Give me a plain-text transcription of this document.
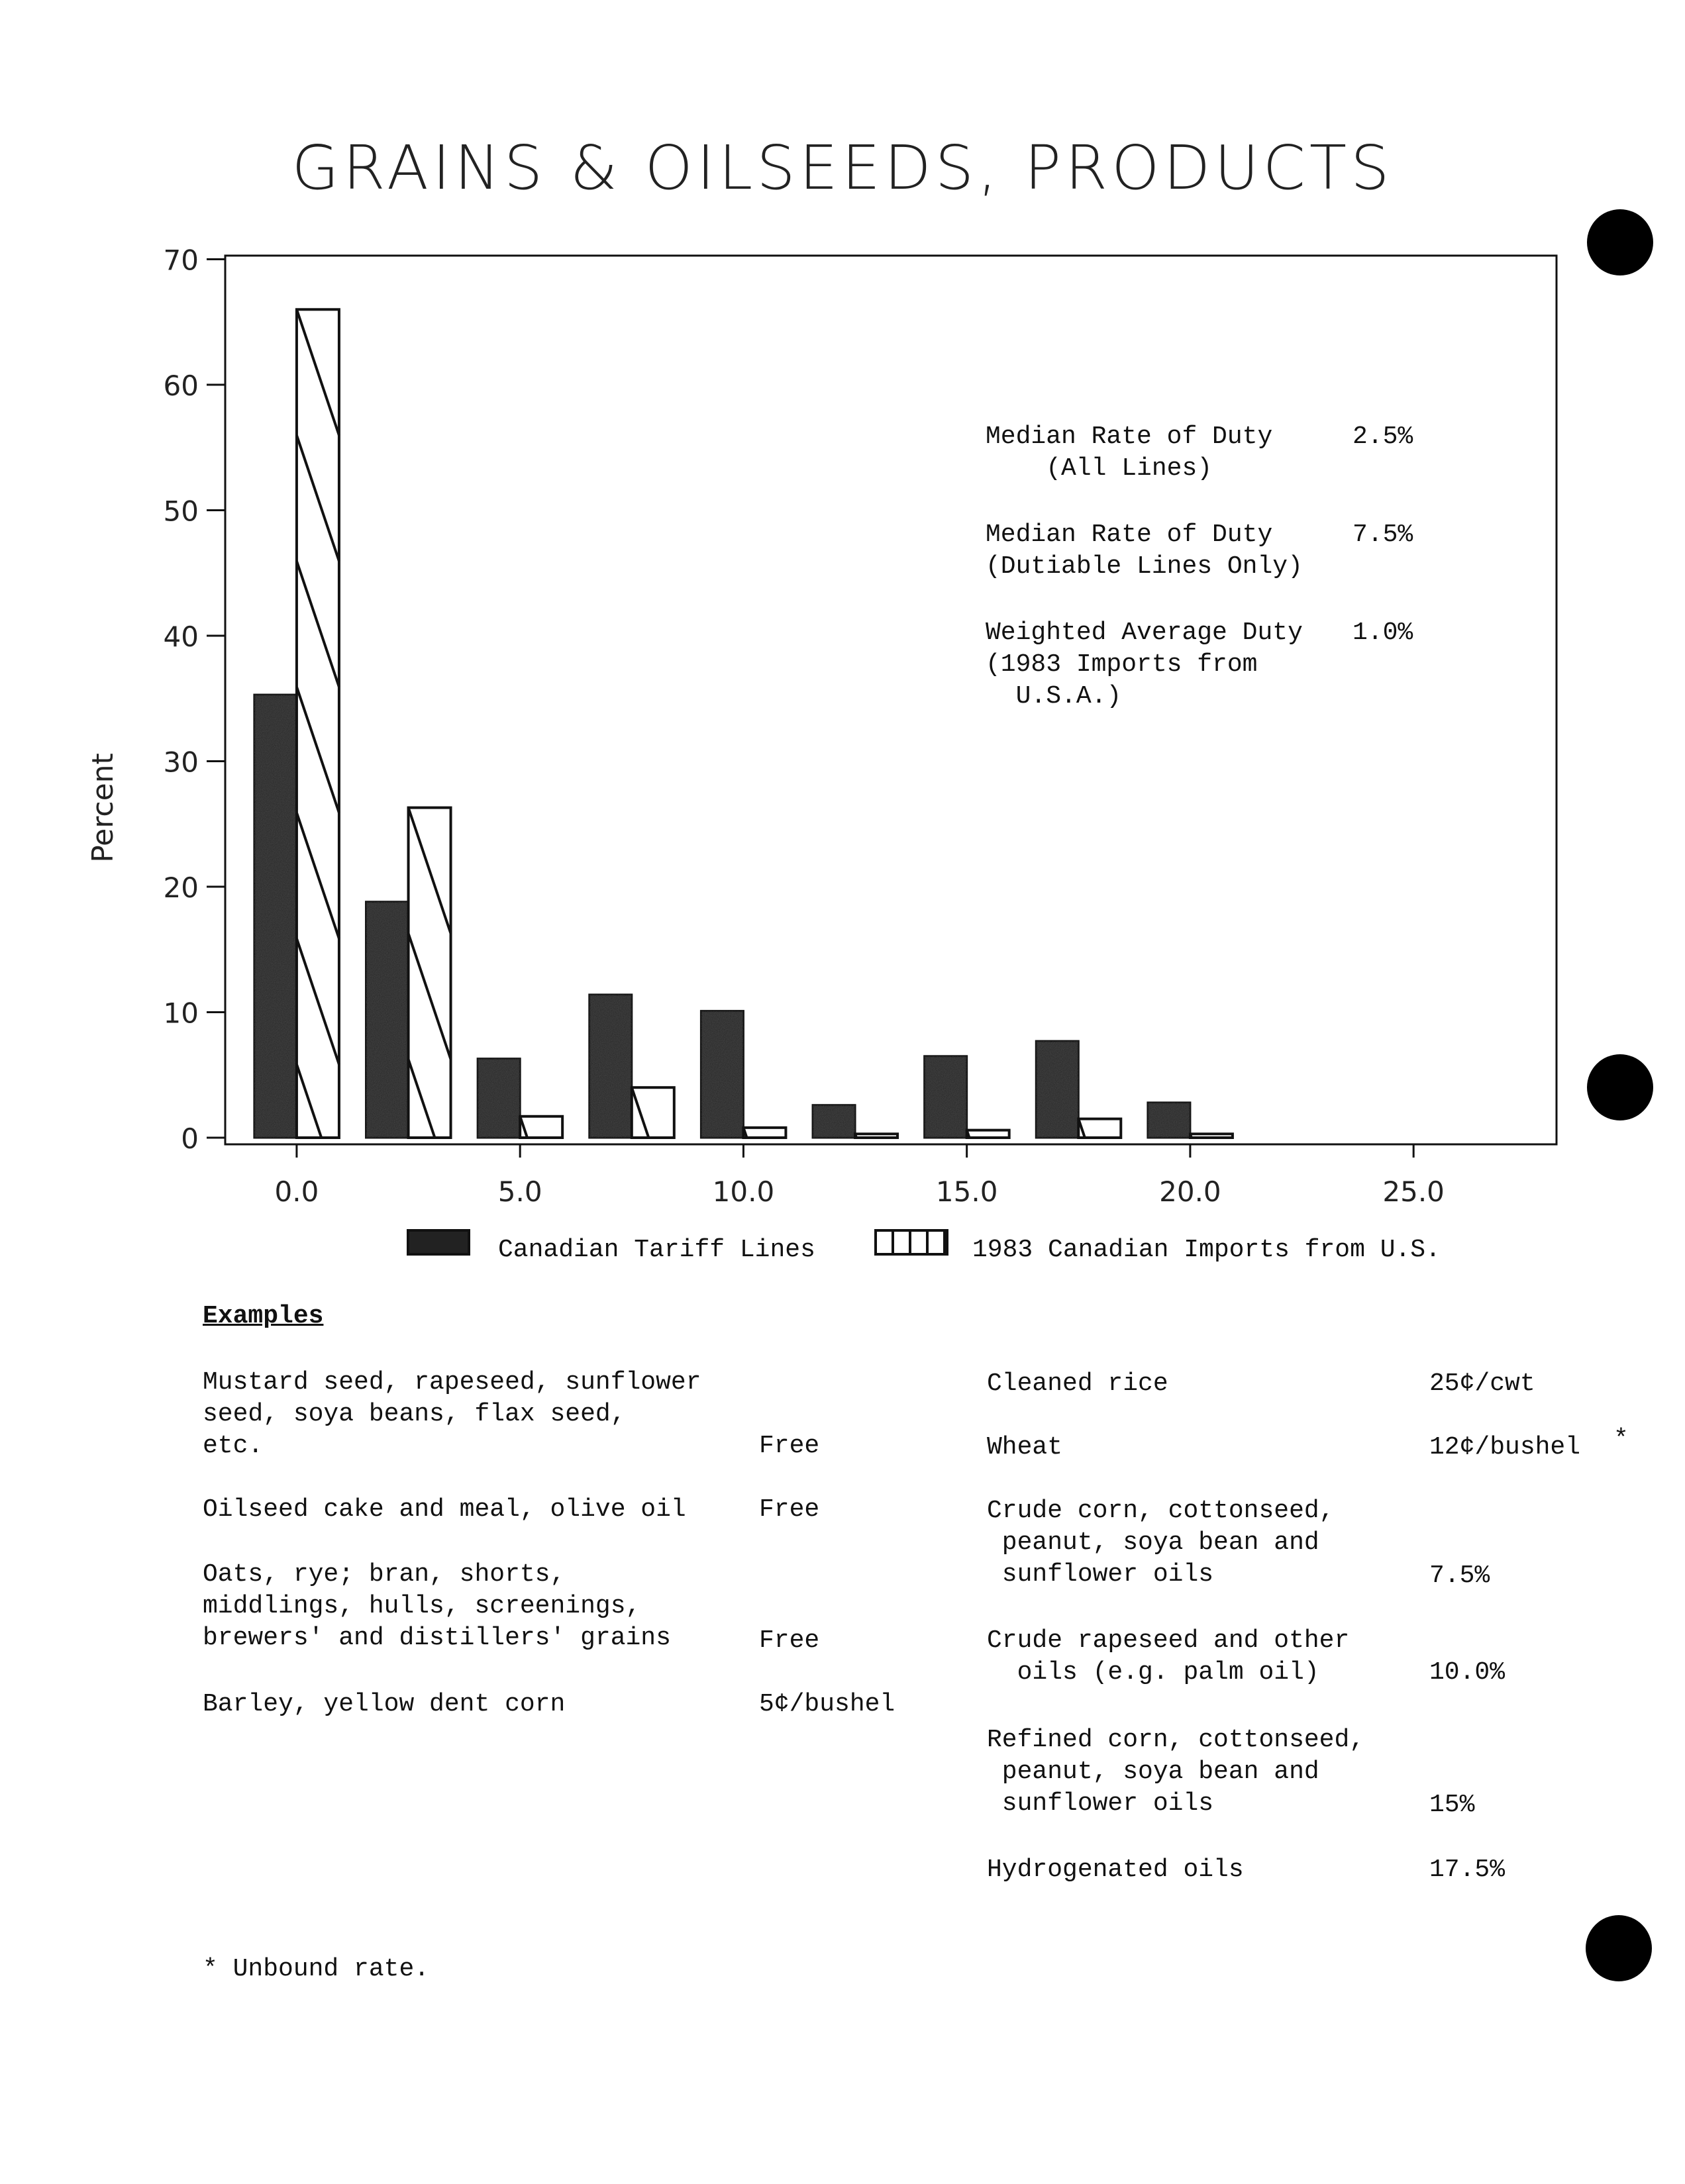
GRAINS & OILSEEDS, PRODUCTS
Percent
0
10
20
30
40
50
60
70
0.0	5.0	10.0	15.0	20.0	25.0
Median Rate of Duty
(All Lines)
2.5%
Median Rate of Duty
(Dutiable Lines Only)
7.5%
Weighted Average Duty
(1983 Imports from
U.S.A.)
1.0%
Canadian Tariff Lines	1983 Canadian Imports from U.S.
Examples
Mustard seed, rapeseed, sunflower
seed, soya beans, flax seed,
etc.	Free
Oilseed cake and meal, olive oil	Free
Oats, rye; bran, shorts,
middlings, hulls, screenings,
brewers' and distillers' grains	Free
Barley, yellow dent corn	5¢/bushel
Cleaned rice	25¢/cwt
Wheat	12¢/bushel *
Crude corn, cottonseed,
peanut, soya bean and
sunflower oils	7.5%
Crude rapeseed and other
oils (e.g. palm oil)	10.0%
Refined corn, cottonseed,
peanut, soya bean and
sunflower oils	15%
Hydrogenated oils	17.5%
* Unbound rate.
